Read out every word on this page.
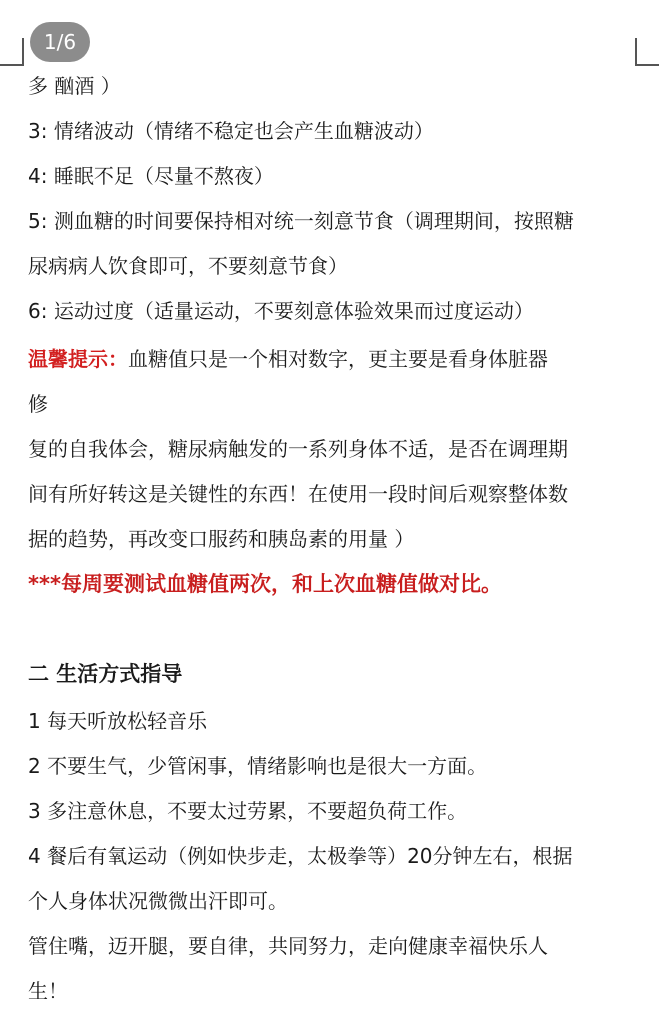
1/6
多 酗酒 ）
3: 情绪波动（情绪不稳定也会产生血糖波动）
4: 睡眠不足（尽量不熬夜）
5: 测血糖的时间要保持相对统一刻意节食（调理期间，按照糖
尿病病人饮食即可，不要刻意节食）
6: 运动过度（适量运动，不要刻意体验效果而过度运动）
温馨提示：血糖值只是一个相对数字，更主要是看身体脏器
修
复的自我体会，糖尿病触发的一系列身体不适，是否在调理期
间有所好转这是关键性的东西！在使用一段时间后观察整体数
据的趋势，再改变口服药和胰岛素的用量 ）
***每周要测试血糖值两次，和上次血糖值做对比。
二 生活方式指导
1 每天听放松轻音乐
2 不要生气，少管闲事，情绪影响也是很大一方面。
3 多注意休息，不要太过劳累，不要超负荷工作。
4 餐后有氧运动（例如快步走，太极拳等）20分钟左右，根据
个人身体状况微微出汗即可。
管住嘴，迈开腿，要自律，共同努力，走向健康幸福快乐人
生！
